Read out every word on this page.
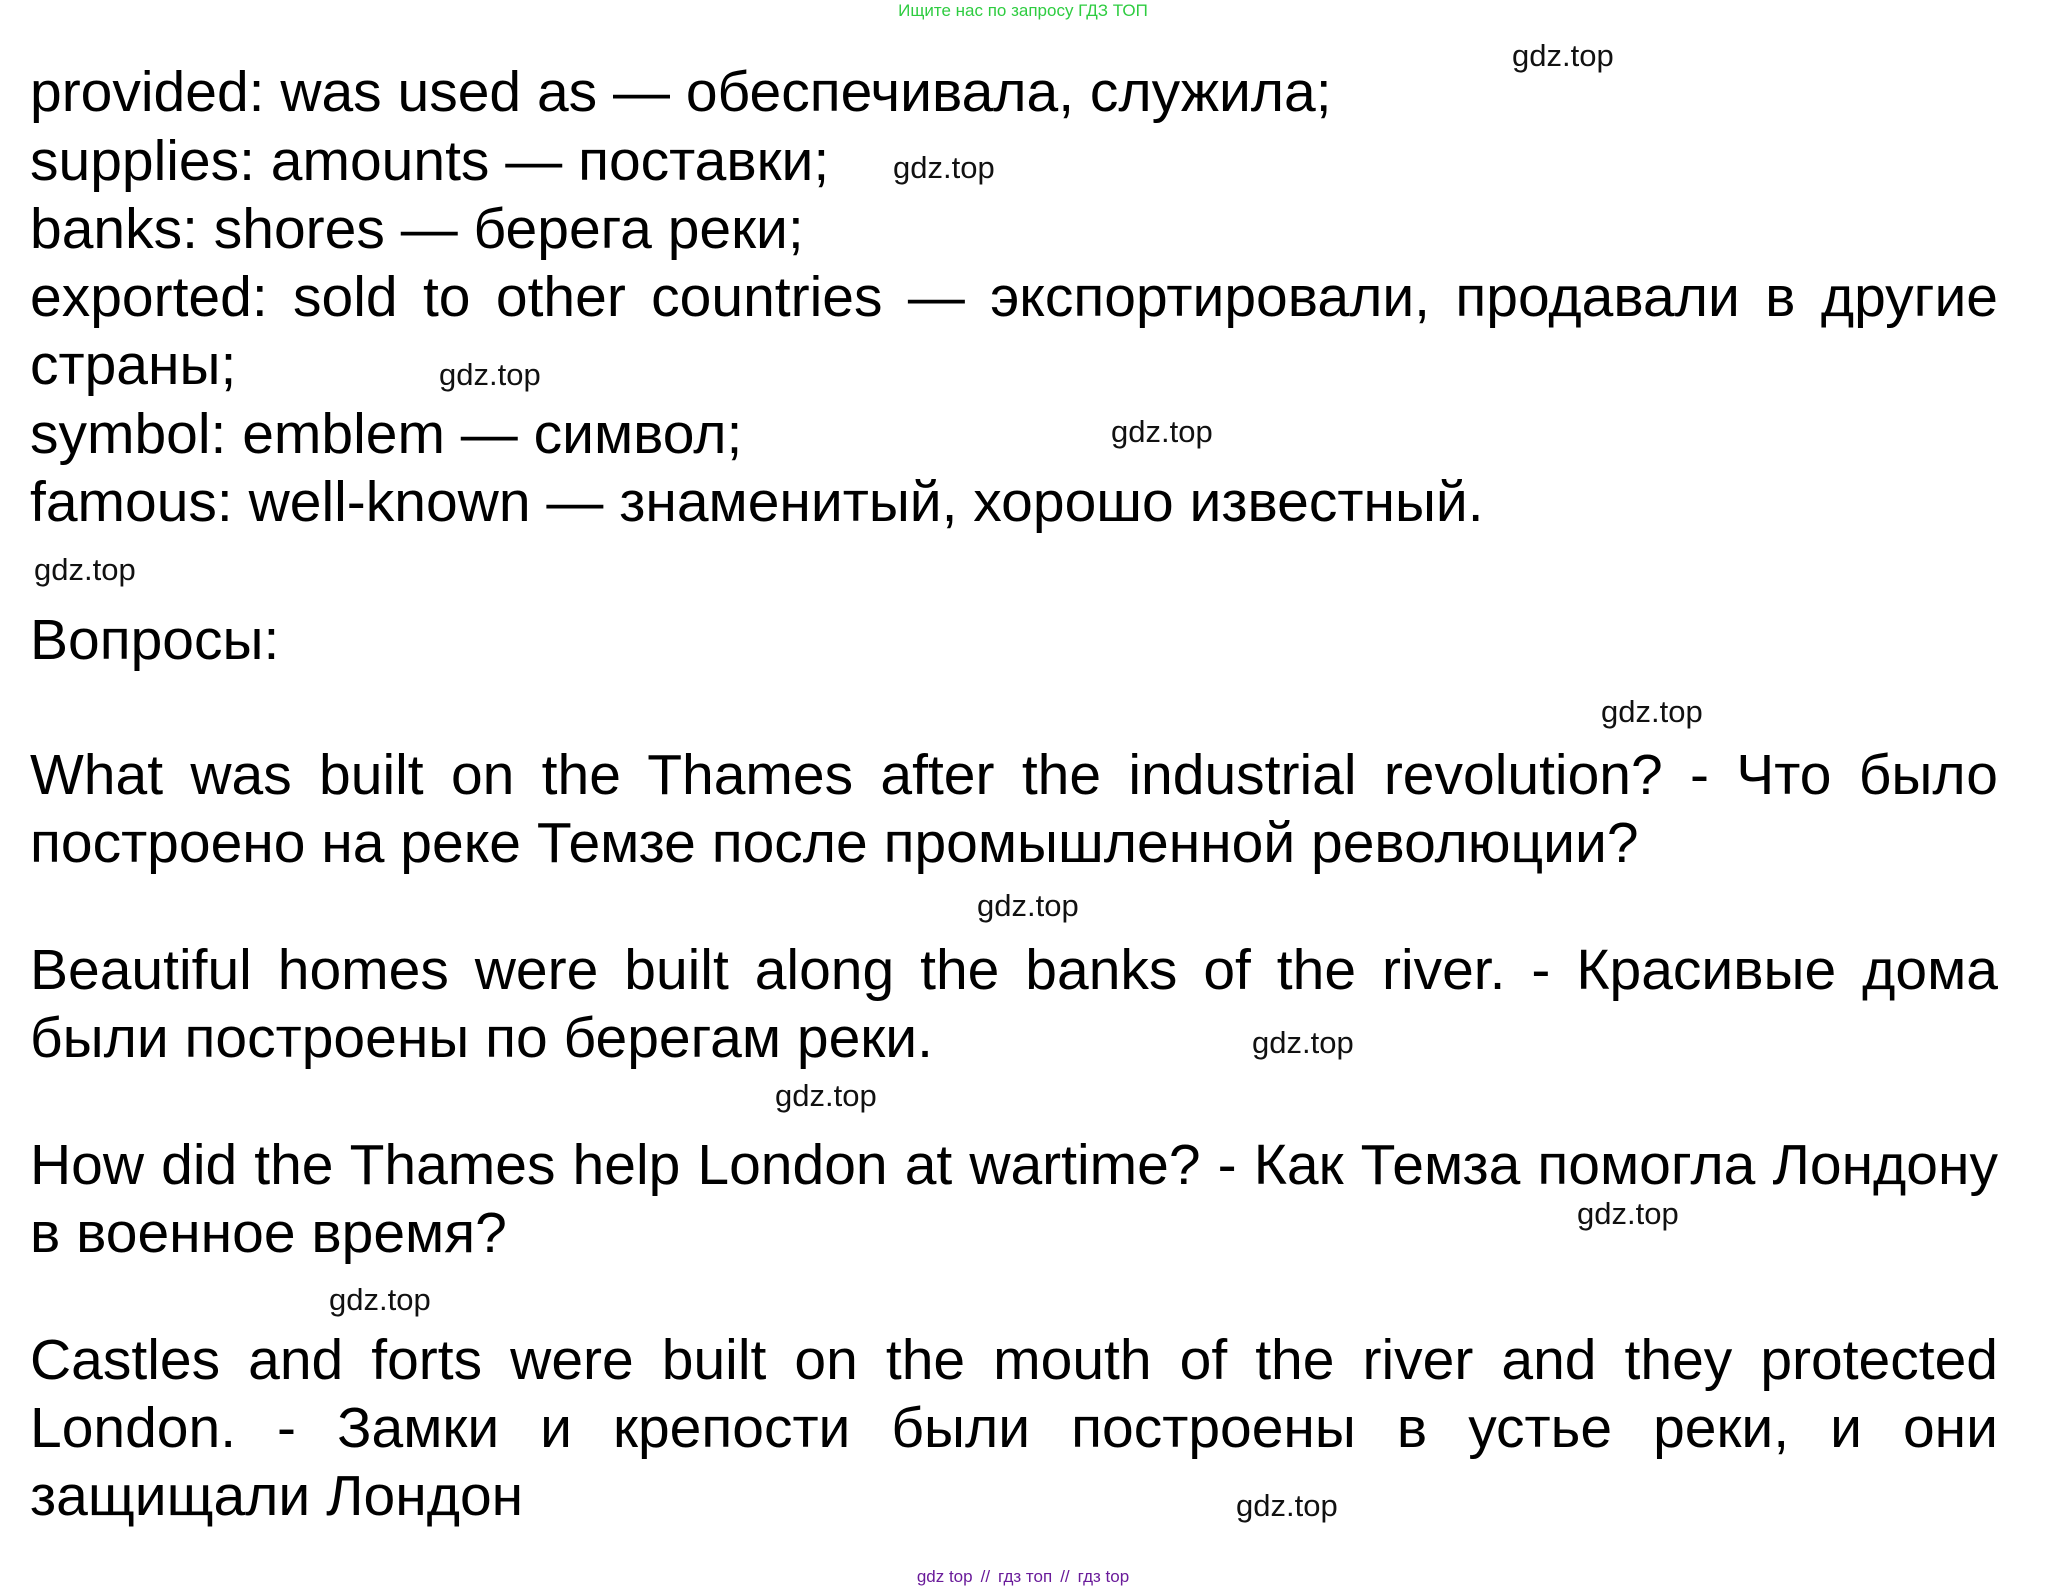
Ищите нас по запросу ГДЗ ТОП
provided: was used as — обеспечивала, служила;
supplies: amounts — поставки;
banks: shores — берега реки;
exported: sold to other countries — экспортировали, продавали в другие страны;
symbol: emblem — символ;
famous: well-known — знаменитый, хорошо известный.
Вопросы:
What was built on the Thames after the industrial revolution? - Что было построено на реке Темзе после промышленной революции?
Beautiful homes were built along the banks of the river. - Красивые дома были построены по берегам реки.
How did the Thames help London at wartime? - Как Темза помогла Лондону в военное время?
Castles and forts were built on the mouth of the river and they protected London. - Замки и крепости были построены в устье реки, и они защищали Лондон
gdz.top
gdz.top
gdz.top
gdz.top
gdz.top
gdz.top
gdz.top
gdz.top
gdz.top
gdz.top
gdz.top
gdz.top
gdz top // гдз топ // гдз top
